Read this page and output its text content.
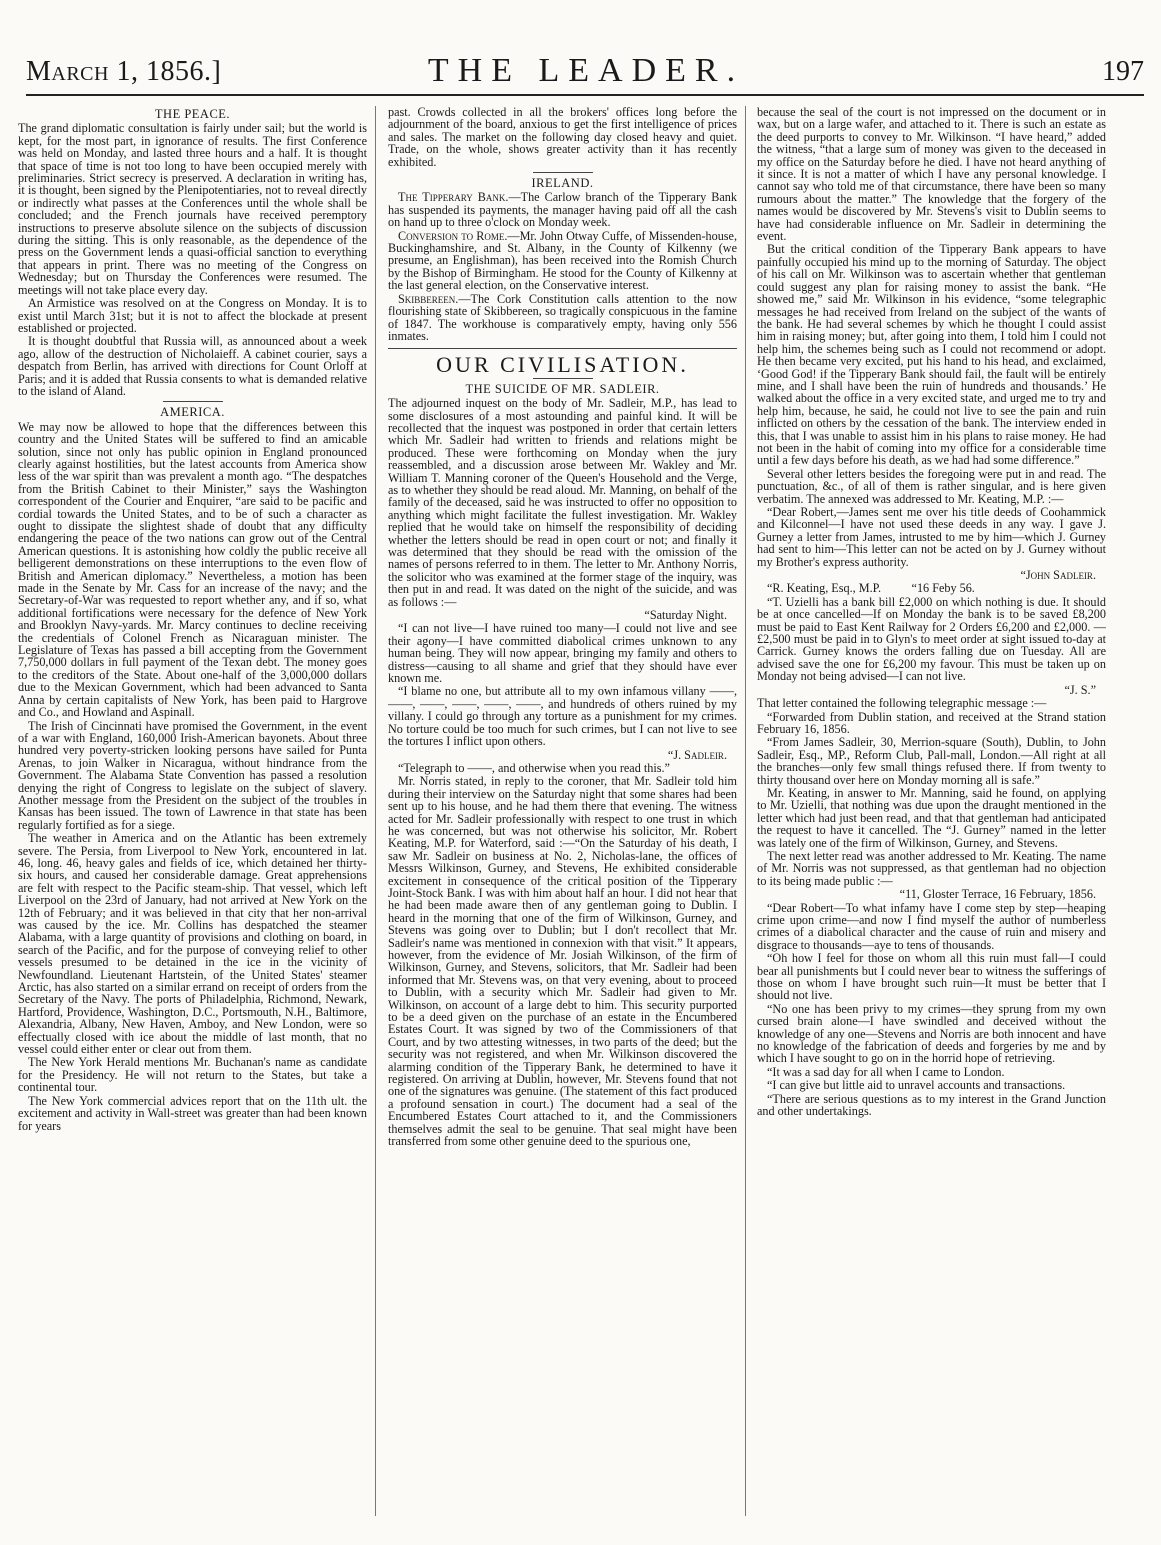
March 1, 1856.]	THE LEADER.	197
THE PEACE.

The grand diplomatic consultation is fairly under sail; but the world is kept, for the most part, in ignorance of results. The first Conference was held on Monday, and lasted three hours and a half. It is thought that space of time is not too long to have been occupied merely with preliminaries. Strict secrecy is preserved. A declaration in writing has, it is thought, been signed by the Plenipotentiaries, not to reveal directly or indirectly what passes at the Conferences until the whole shall be concluded; and the French journals have received peremptory instructions to preserve absolute silence on the subjects of discussion during the sitting. This is only reasonable, as the dependence of the press on the Government lends a quasi-official sanction to everything that appears in print. There was no meeting of the Congress on Wednesday; but on Thursday the Conferences were resumed. The meetings will not take place every day.

An Armistice was resolved on at the Congress on Monday. It is to exist until March 31st; but it is not to affect the blockade at present established or projected.

It is thought doubtful that Russia will, as announced about a week ago, allow of the destruction of Nicholaieff. A cabinet courier, says a despatch from Berlin, has arrived with directions for Count Orloff at Paris; and it is added that Russia consents to what is demanded relative to the island of Aland.

AMERICA.

We may now be allowed to hope that the differences between this country and the United States will be suffered to find an amicable solution, since not only has public opinion in England pronounced clearly against hostilities, but the latest accounts from America show less of the war spirit than was prevalent a month ago. “The despatches from the British Cabinet to their Minister,” says the Washington correspondent of the Courier and Enquirer, “are said to be pacific and cordial towards the United States, and to be of such a character as ought to dissipate the slightest shade of doubt that any difficulty endangering the peace of the two nations can grow out of the Central American questions. It is astonishing how coldly the public receive all belligerent demonstrations on these interruptions to the even flow of British and American diplomacy.” Nevertheless, a motion has been made in the Senate by Mr. Cass for an increase of the navy; and the Secretary-of-War was requested to report whether any, and if so, what additional fortifications were necessary for the defence of New York and Brooklyn Navy-yards. Mr. Marcy continues to decline receiving the credentials of Colonel French as Nicaraguan minister. The Legislature of Texas has passed a bill accepting from the Government 7,750,000 dollars in full payment of the Texan debt. The money goes to the creditors of the State. About one-half of the 3,000,000 dollars due to the Mexican Government, which had been advanced to Santa Anna by certain capitalists of New York, has been paid to Hargrove and Co., and Howland and Aspinall.

The Irish of Cincinnati have promised the Government, in the event of a war with England, 160,000 Irish-American bayonets. About three hundred very poverty-stricken looking persons have sailed for Punta Arenas, to join Walker in Nicaragua, without hindrance from the Government. The Alabama State Convention has passed a resolution denying the right of Congress to legislate on the subject of slavery. Another message from the President on the subject of the troubles in Kansas has been issued. The town of Lawrence in that state has been regularly fortified as for a siege.

The weather in America and on the Atlantic has been extremely severe. The Persia, from Liverpool to New York, encountered in lat. 46, long. 46, heavy gales and fields of ice, which detained her thirty-six hours, and caused her considerable damage. Great apprehensions are felt with respect to the Pacific steam-ship. That vessel, which left Liverpool on the 23rd of January, had not arrived at New York on the 12th of February; and it was believed in that city that her non-arrival was caused by the ice. Mr. Collins has despatched the steamer Alabama, with a large quantity of provisions and clothing on board, in search of the Pacific, and for the purpose of conveying relief to other vessels presumed to be detained in the ice in the vicinity of Newfoundland. Lieutenant Hartstein, of the United States' steamer Arctic, has also started on a similar errand on receipt of orders from the Secretary of the Navy. The ports of Philadelphia, Richmond, Newark, Hartford, Providence, Washington, D.C., Portsmouth, N.H., Baltimore, Alexandria, Albany, New Haven, Amboy, and New London, were so effectually closed with ice about the middle of last month, that no vessel could either enter or clear out from them.

The New York Herald mentions Mr. Buchanan's name as candidate for the Presidency. He will not return to the States, but take a continental tour.

The New York commercial advices report that on the 11th ult. the excitement and activity in Wall-street was greater than had been known for years

past. Crowds collected in all the brokers' offices long before the adjournment of the board, anxious to get the first intelligence of prices and sales. The market on the following day closed heavy and quiet. Trade, on the whole, shows greater activity than it has recently exhibited.

IRELAND.

The Tipperary Bank.—The Carlow branch of the Tipperary Bank has suspended its payments, the manager having paid off all the cash on hand up to three o'clock on Monday week.

Conversion to Rome.—Mr. John Otway Cuffe, of Missenden-house, Buckinghamshire, and St. Albany, in the County of Kilkenny (we presume, an Englishman), has been received into the Romish Church by the Bishop of Birmingham. He stood for the County of Kilkenny at the last general election, on the Conservative interest.

Skibbereen.—The Cork Constitution calls attention to the now flourishing state of Skibbereen, so tragically conspicuous in the famine of 1847. The workhouse is comparatively empty, having only 556 inmates.

OUR CIVILISATION.
THE SUICIDE OF MR. SADLEIR.

The adjourned inquest on the body of Mr. Sadleir, M.P., has lead to some disclosures of a most astounding and painful kind. It will be recollected that the inquest was postponed in order that certain letters which Mr. Sadleir had written to friends and relations might be produced. These were forthcoming on Monday when the jury reassembled, and a discussion arose between Mr. Wakley and Mr. William T. Manning coroner of the Queen's Household and the Verge, as to whether they should be read aloud. Mr. Manning, on behalf of the family of the deceased, said he was instructed to offer no opposition to anything which might facilitate the fullest investigation. Mr. Wakley replied that he would take on himself the responsibility of deciding whether the letters should be read in open court or not; and finally it was determined that they should be read with the omission of the names of persons referred to in them. The letter to Mr. Anthony Norris, the solicitor who was examined at the former stage of the inquiry, was then put in and read. It was dated on the night of the suicide, and was as follows :—

“Saturday Night.

“I can not live—I have ruined too many—I could not live and see their agony—I have committed diabolical crimes unknown to any human being. They will now appear, bringing my family and others to distress—causing to all shame and grief that they should have ever known me.

“I blame no one, but attribute all to my own infamous villany ——, ——, ——, ——, ——, ——, and hundreds of others ruined by my villany. I could go through any torture as a punishment for my crimes. No torture could be too much for such crimes, but I can not live to see the tortures I inflict upon others.

“J. Sadleir.

“Telegraph to ——, and otherwise when you read this.”

Mr. Norris stated, in reply to the coroner, that Mr. Sadleir told him during their interview on the Saturday night that some shares had been sent up to his house, and he had them there that evening. The witness acted for Mr. Sadleir professionally with respect to one trust in which he was concerned, but was not otherwise his solicitor, Mr. Robert Keating, M.P. for Waterford, said :—“On the Saturday of his death, I saw Mr. Sadleir on business at No. 2, Nicholas-lane, the offices of Messrs Wilkinson, Gurney, and Stevens, He exhibited considerable excitement in consequence of the critical position of the Tipperary Joint-Stock Bank. I was with him about half an hour. I did not hear that he had been made aware then of any gentleman going to Dublin. I heard in the morning that one of the firm of Wilkinson, Gurney, and Stevens was going over to Dublin; but I don't recollect that Mr. Sadleir's name was mentioned in connexion with that visit.” It appears, however, from the evidence of Mr. Josiah Wilkinson, of the firm of Wilkinson, Gurney, and Stevens, solicitors, that Mr. Sadleir had been informed that Mr. Stevens was, on that very evening, about to proceed to Dublin, with a security which Mr. Sadleir had given to Mr. Wilkinson, on account of a large debt to him. This security purported to be a deed given on the purchase of an estate in the Encumbered Estates Court. It was signed by two of the Commissioners of that Court, and by two attesting witnesses, in two parts of the deed; but the security was not registered, and when Mr. Wilkinson discovered the alarming condition of the Tipperary Bank, he determined to have it registered. On arriving at Dublin, however, Mr. Stevens found that not one of the signatures was genuine. (The statement of this fact produced a profound sensation in court.) The document had a seal of the Encumbered Estates Court attached to it, and the Commissioners themselves admit the seal to be genuine. That seal might have been transferred from some other genuine deed to the spurious one,

because the seal of the court is not impressed on the document or in wax, but on a large wafer, and attached to it. There is such an estate as the deed purports to convey to Mr. Wilkinson. “I have heard,” added the witness, “that a large sum of money was given to the deceased in my office on the Saturday before he died. I have not heard anything of it since. It is not a matter of which I have any personal knowledge. I cannot say who told me of that circumstance, there have been so many rumours about the matter.” The knowledge that the forgery of the names would be discovered by Mr. Stevens's visit to Dublin seems to have had considerable influence on Mr. Sadleir in determining the event.

But the critical condition of the Tipperary Bank appears to have painfully occupied his mind up to the morning of Saturday. The object of his call on Mr. Wilkinson was to ascertain whether that gentleman could suggest any plan for raising money to assist the bank. “He showed me,” said Mr. Wilkinson in his evidence, “some telegraphic messages he had received from Ireland on the subject of the wants of the bank. He had several schemes by which he thought I could assist him in raising money; but, after going into them, I told him I could not help him, the schemes being such as I could not recommend or adopt. He then became very excited, put his hand to his head, and exclaimed, ‘Good God! if the Tipperary Bank should fail, the fault will be entirely mine, and I shall have been the ruin of hundreds and thousands.’ He walked about the office in a very excited state, and urged me to try and help him, because, he said, he could not live to see the pain and ruin inflicted on others by the cessation of the bank. The interview ended in this, that I was unable to assist him in his plans to raise money. He had not been in the habit of coming into my office for a considerable time until a few days before his death, as we had had some difference.”

Several other letters besides the foregoing were put in and read. The punctuation, &c., of all of them is rather singular, and is here given verbatim. The annexed was addressed to Mr. Keating, M.P. :—

“Dear Robert,—James sent me over his title deeds of Coohammick and Kilconnel—I have not used these deeds in any way. I gave J. Gurney a letter from James, intrusted to me by him—which J. Gurney had sent to him—This letter can not be acted on by J. Gurney without my Brother's express authority.

“John Sadleir.

“R. Keating, Esq., M.P.          “16 Feby 56.

“T. Uzielli has a bank bill £2,000 on which nothing is due. It should be at once cancelled—If on Monday the bank is to be saved £8,200 must be paid to East Kent Railway for 2 Orders £6,200 and £2,000. —£2,500 must be paid in to Glyn's to meet order at sight issued to-day at Carrick. Gurney knows the orders falling due on Tuesday. All are advised save the one for £6,200 my favour. This must be taken up on Monday not being advised—I can not live.

“J. S.”

That letter contained the following telegraphic message :—

“Forwarded from Dublin station, and received at the Strand station February 16, 1856.

“From James Sadleir, 30, Merrion-square (South), Dublin, to John Sadleir, Esq., MP., Reform Club, Pall-mall, London.—All right at all the branches—only few small things refused there. If from twenty to thirty thousand over here on Monday morning all is safe.”

Mr. Keating, in answer to Mr. Manning, said he found, on applying to Mr. Uzielli, that nothing was due upon the draught mentioned in the letter which had just been read, and that that gentleman had anticipated the request to have it cancelled. The “J. Gurney” named in the letter was lately one of the firm of Wilkinson, Gurney, and Stevens.

The next letter read was another addressed to Mr. Keating. The name of Mr. Norris was not suppressed, as that gentleman had no objection to its being made public :—

“11, Gloster Terrace, 16 February, 1856.

“Dear Robert—To what infamy have I come step by step—heaping crime upon crime—and now I find myself the author of numberless crimes of a diabolical character and the cause of ruin and misery and disgrace to thousands—aye to tens of thousands.

“Oh how I feel for those on whom all this ruin must fall—I could bear all punishments but I could never bear to witness the sufferings of those on whom I have brought such ruin—It must be better that I should not live.

“No one has been privy to my crimes—they sprung from my own cursed brain alone—I have swindled and deceived without the knowledge of any one—Stevens and Norris are both innocent and have no knowledge of the fabrication of deeds and forgeries by me and by which I have sought to go on in the horrid hope of retrieving.

“It was a sad day for all when I came to London.

“I can give but little aid to unravel accounts and transactions.

“There are serious questions as to my interest in the Grand Junction and other undertakings.
